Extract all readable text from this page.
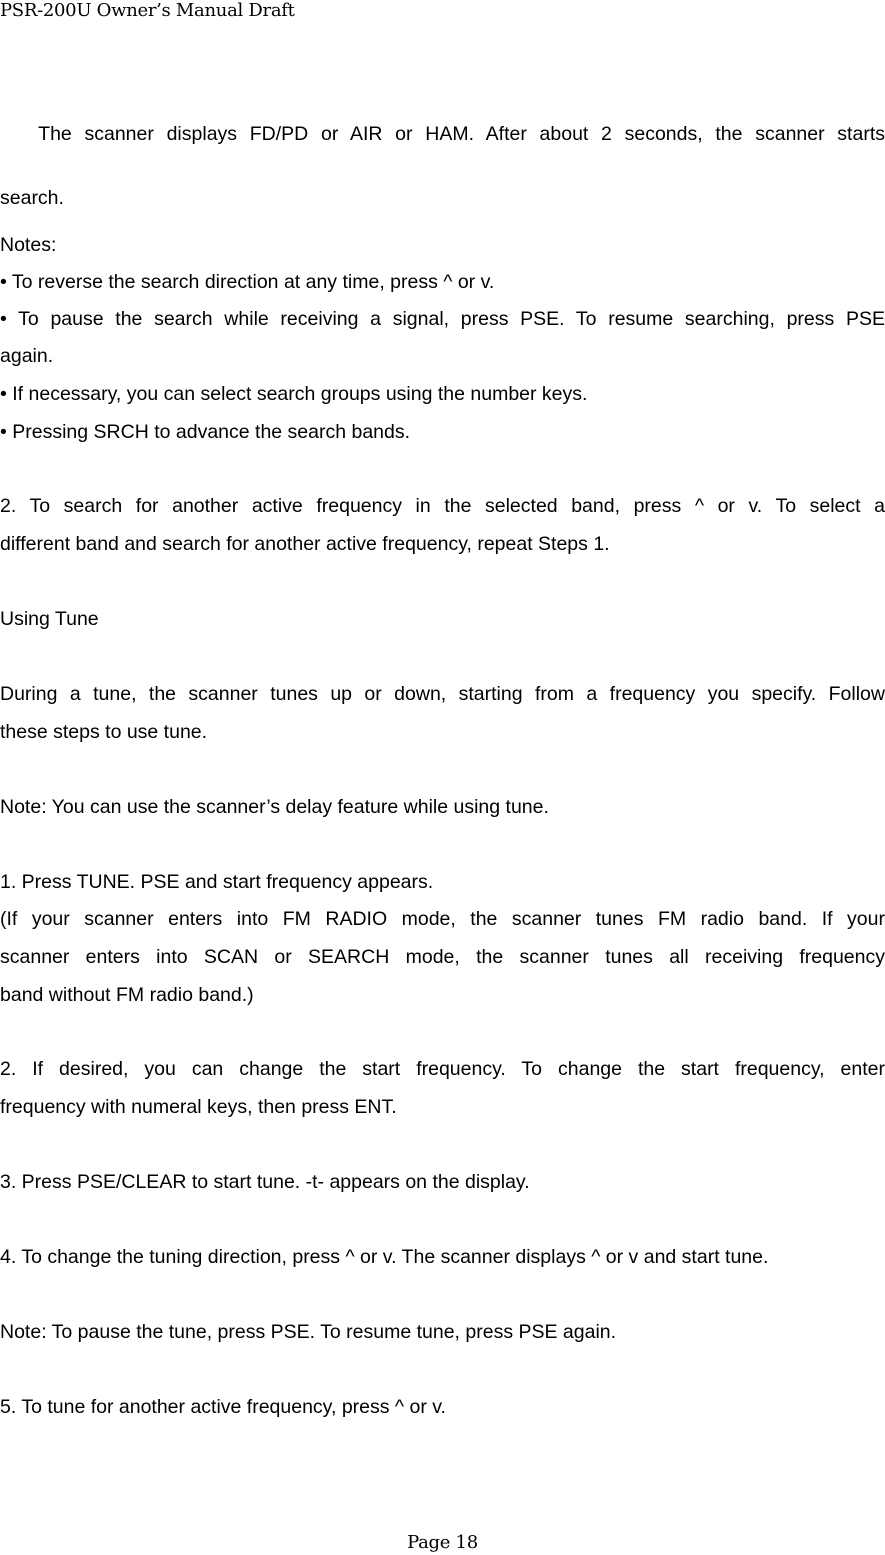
PSR-200U Owner’s Manual Draft
The scanner displays FD/PD or AIR or HAM. After about 2 seconds, the scanner starts
search.
Notes:
• To reverse the search direction at any time, press ^ or v.
• To pause the search while receiving a signal, press PSE. To resume searching, press PSE
again.
• If necessary, you can select search groups using the number keys.
• Pressing SRCH to advance the search bands.
2. To search for another active frequency in the selected band, press ^ or v. To select a
different band and search for another active frequency, repeat Steps 1.
Using Tune
During a tune, the scanner tunes up or down, starting from a frequency you specify. Follow
these steps to use tune.
Note: You can use the scanner’s delay feature while using tune.
1. Press TUNE. PSE and start frequency appears.
(If your scanner enters into FM RADIO mode, the scanner tunes FM radio band. If your
scanner enters into SCAN or SEARCH mode, the scanner tunes all receiving frequency
band without FM radio band.)
2. If desired, you can change the start frequency. To change the start frequency, enter
frequency with numeral keys, then press ENT.
3. Press PSE/CLEAR to start tune. -t- appears on the display.
4. To change the tuning direction, press ^ or v. The scanner displays ^ or v and start tune.
Note: To pause the tune, press PSE. To resume tune, press PSE again.
5. To tune for another active frequency, press ^ or v.
Page 18
